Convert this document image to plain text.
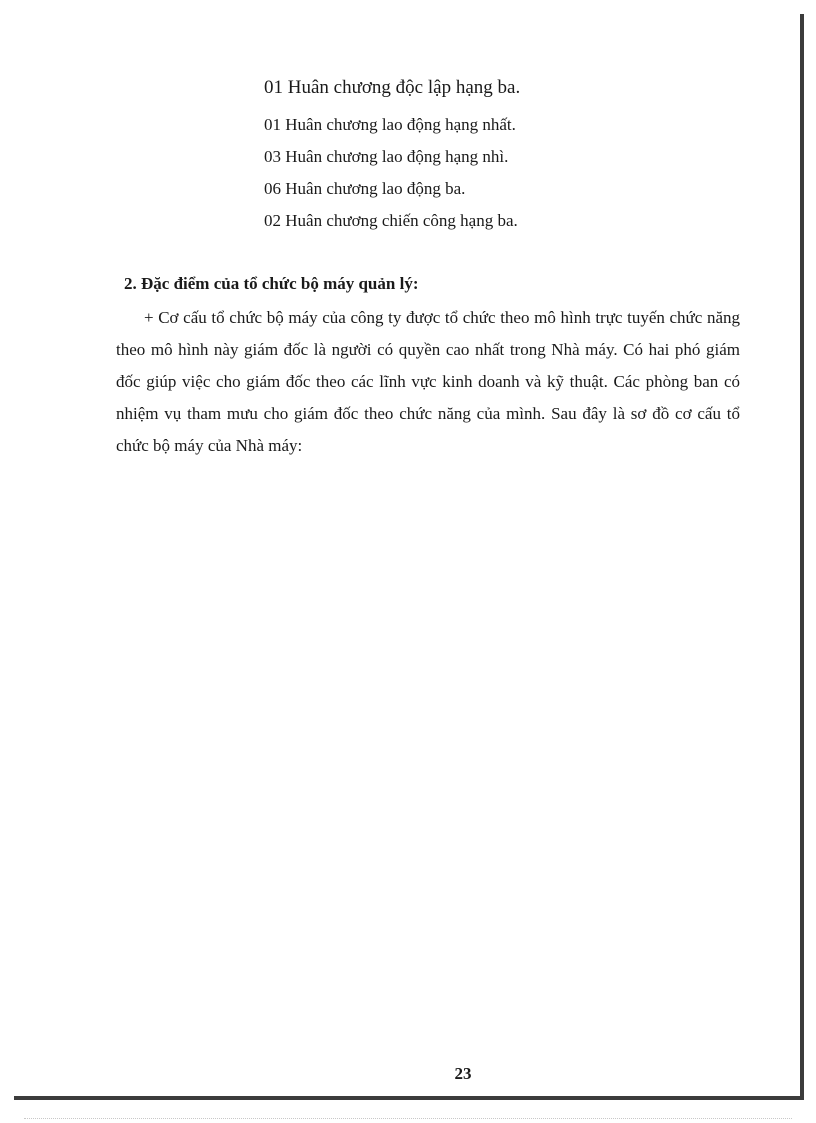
01 Huân chương độc lập hạng ba.
01 Huân chương lao động hạng nhất.
03 Huân chương lao động hạng nhì.
06 Huân chương lao động ba.
02 Huân chương chiến công hạng ba.
2. Đặc điểm của tổ chức bộ máy quản lý:

+ Cơ cấu tổ chức bộ máy của công ty được tổ chức theo mô hình trực tuyến chức năng theo mô hình này giám đốc là người có quyền cao nhất trong Nhà máy. Có hai phó giám đốc giúp việc cho giám đốc theo các lĩnh vực kinh doanh và kỹ thuật. Các phòng ban có nhiệm vụ tham mưu cho giám đốc theo chức năng của mình. Sau đây là sơ đồ cơ cấu tổ chức bộ máy của Nhà máy:

23
